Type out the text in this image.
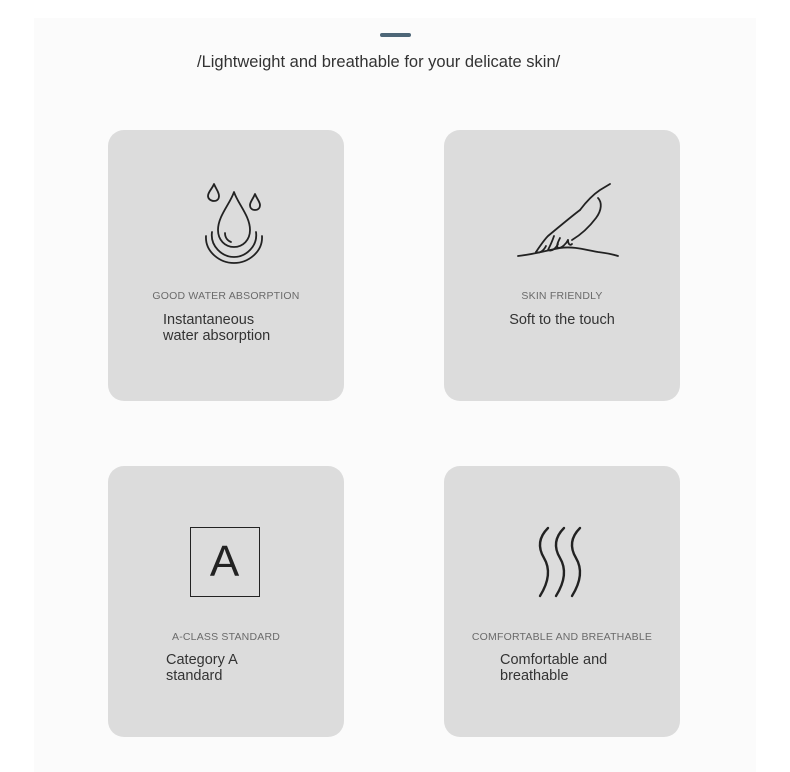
/Lightweight and breathable for your delicate skin/

GOOD WATER ABSORPTION
Instantaneous
water absorption
SKIN FRIENDLY
Soft to the touch
A
A-CLASS STANDARD
Category A
standard
COMFORTABLE AND BREATHABLE
Comfortable and
breathable
